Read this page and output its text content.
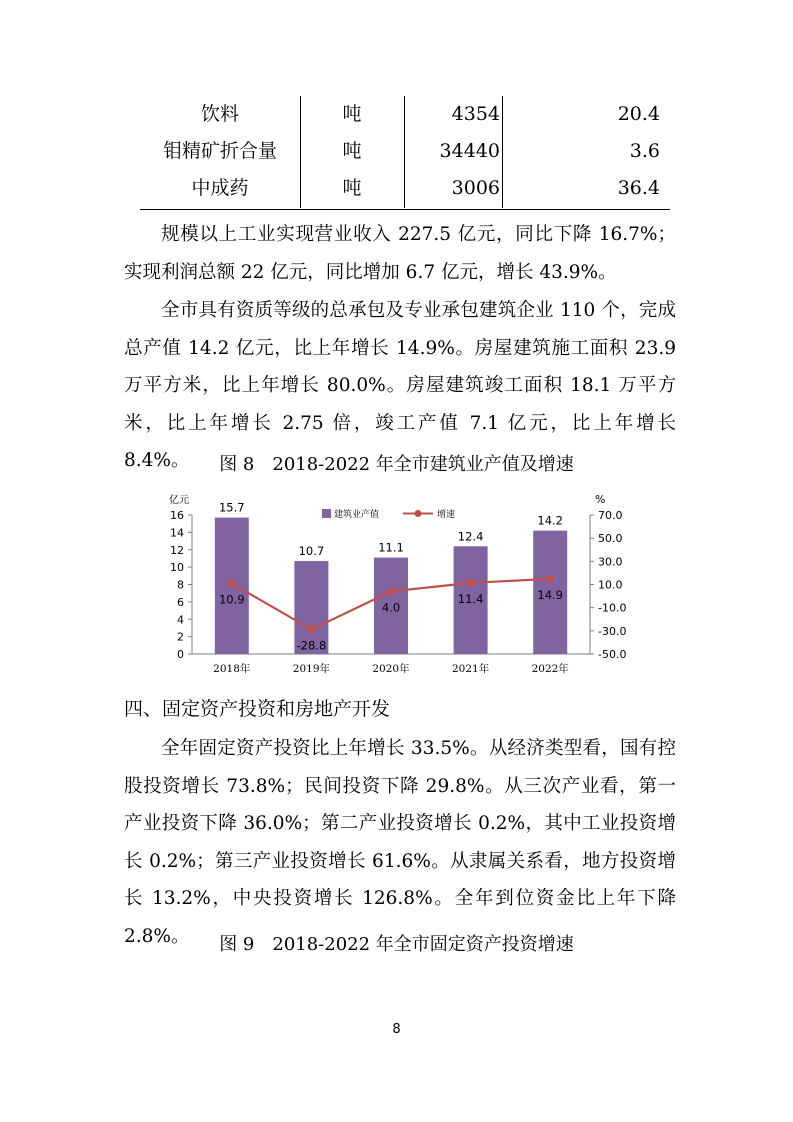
饮料	吨	4354	20.4
钼精矿折合量	吨	34440	3.6
中成药	吨	3006	36.4

规模以上工业实现营业收入 227.5 亿元，同比下降 16.7%；实现利润总额 22 亿元，同比增加 6.7 亿元，增长 43.9%。

全市具有资质等级的总承包及专业承包建筑企业 110 个，完成总产值 14.2 亿元，比上年增长 14.9%。房屋建筑施工面积 23.9 万平方米，比上年增长 80.0%。房屋建筑竣工面积 18.1 万平方米，比上年增长 2.75 倍，竣工产值 7.1 亿元，比上年增长 8.4%。	图 8　2018-2022 年全市建筑业产值及增速
0
2
4
6
8
10
12
14
16
-50.0
-30.0
-10.0
10.0
30.0
50.0
70.0
亿元	%
2018年	2019年	2020年	2021年	2022年
15.7
10.7	11.1
12.4
14.2
10.9
-28.8
4.0
11.4	14.9
建筑业产值	增速
四、固定资产投资和房地产开发

全年固定资产投资比上年增长 33.5%。从经济类型看，国有控股投资增长 73.8%；民间投资下降 29.8%。从三次产业看，第一产业投资下降 36.0%；第二产业投资增长 0.2%，其中工业投资增长 0.2%；第三产业投资增长 61.6%。从隶属关系看，地方投资增长 13.2%，中央投资增长 126.8%。全年到位资金比上年下降 2.8%。	图 9　2018-2022 年全市固定资产投资增速
8
